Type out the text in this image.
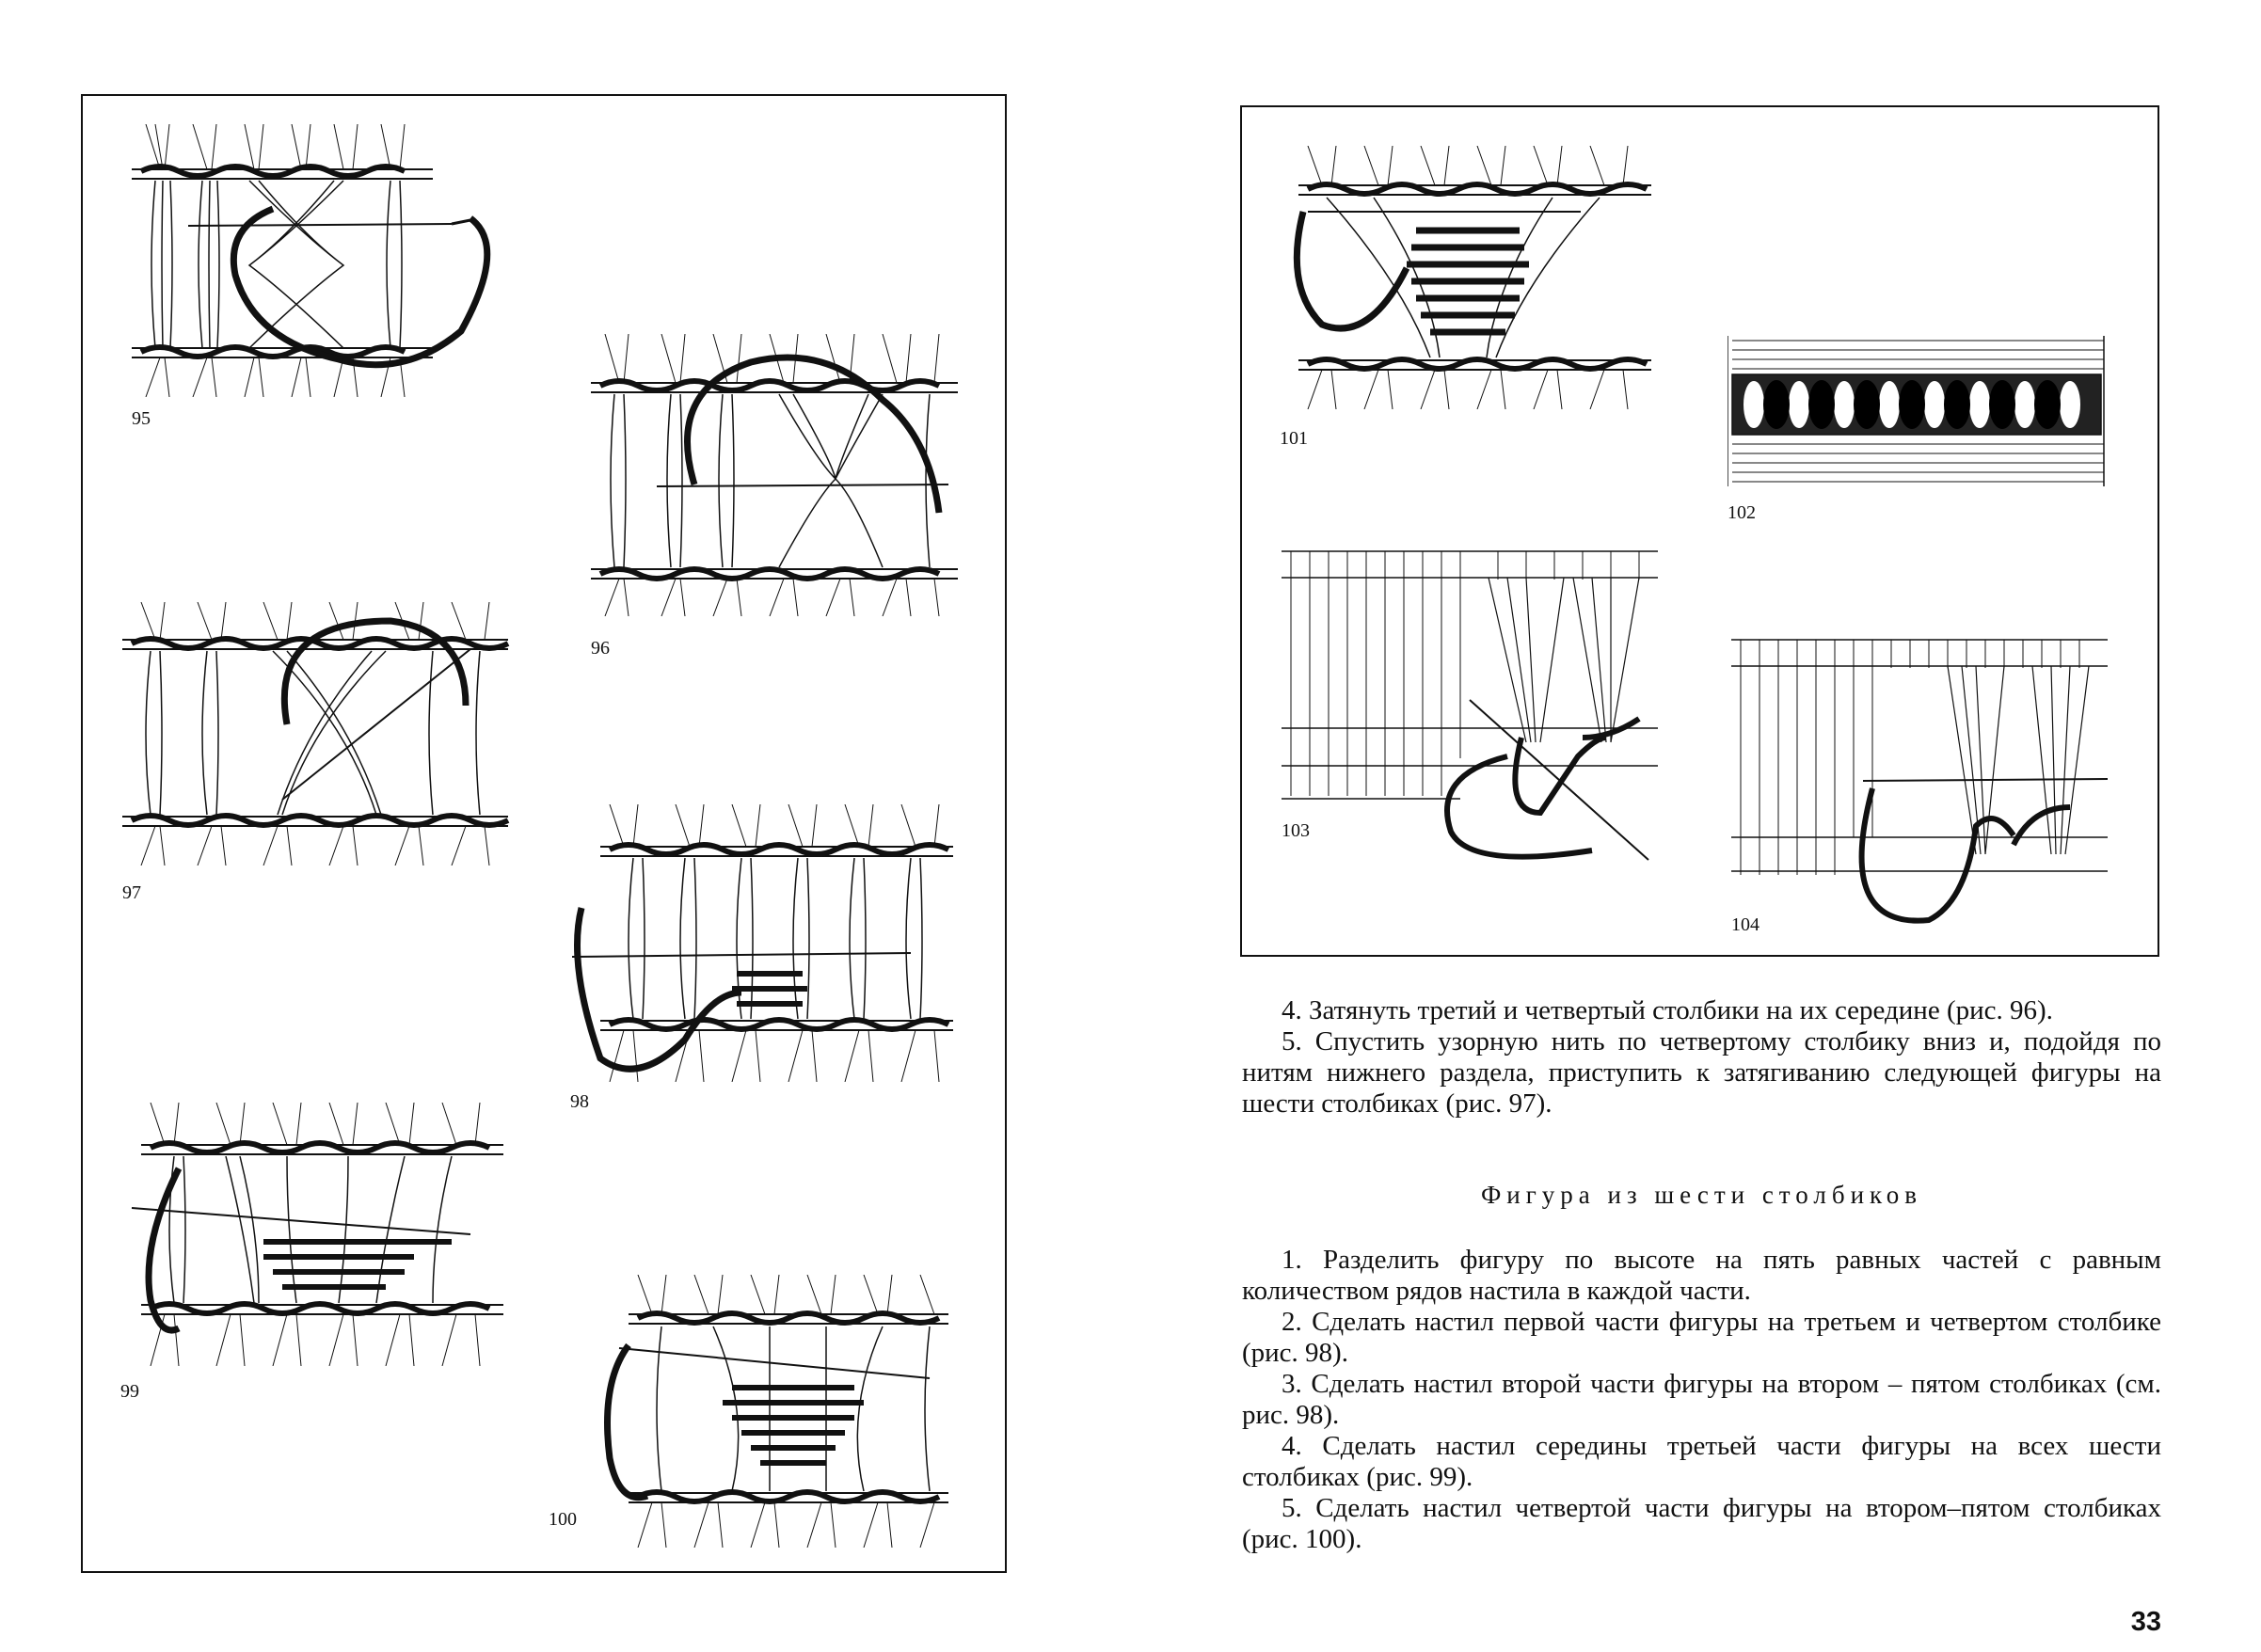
95
96
97
98
99
100
101
102
103
104

4. Затянуть третий и четвертый столбики на их середине (рис. 96).

5. Спустить узорную нить по четвертому столбику вниз и, подойдя по нитям нижнего раздела, приступить к затягиванию следующей фигуры на шести столбиках (рис. 97).

Фигура из шести столбиков

1. Разделить фигуру по высоте на пять равных частей с равным количеством рядов настила в каждой части.

2. Сделать настил первой части фигуры на третьем и четвертом столбике (рис. 98).

3. Сделать настил второй части фигуры на втором – пятом столбиках (см. рис. 98).

4. Сделать настил середины третьей части фигуры на всех шести столбиках (рис. 99).

5. Сделать настил четвертой части фигуры на втором–пятом столбиках (рис. 100).

33
